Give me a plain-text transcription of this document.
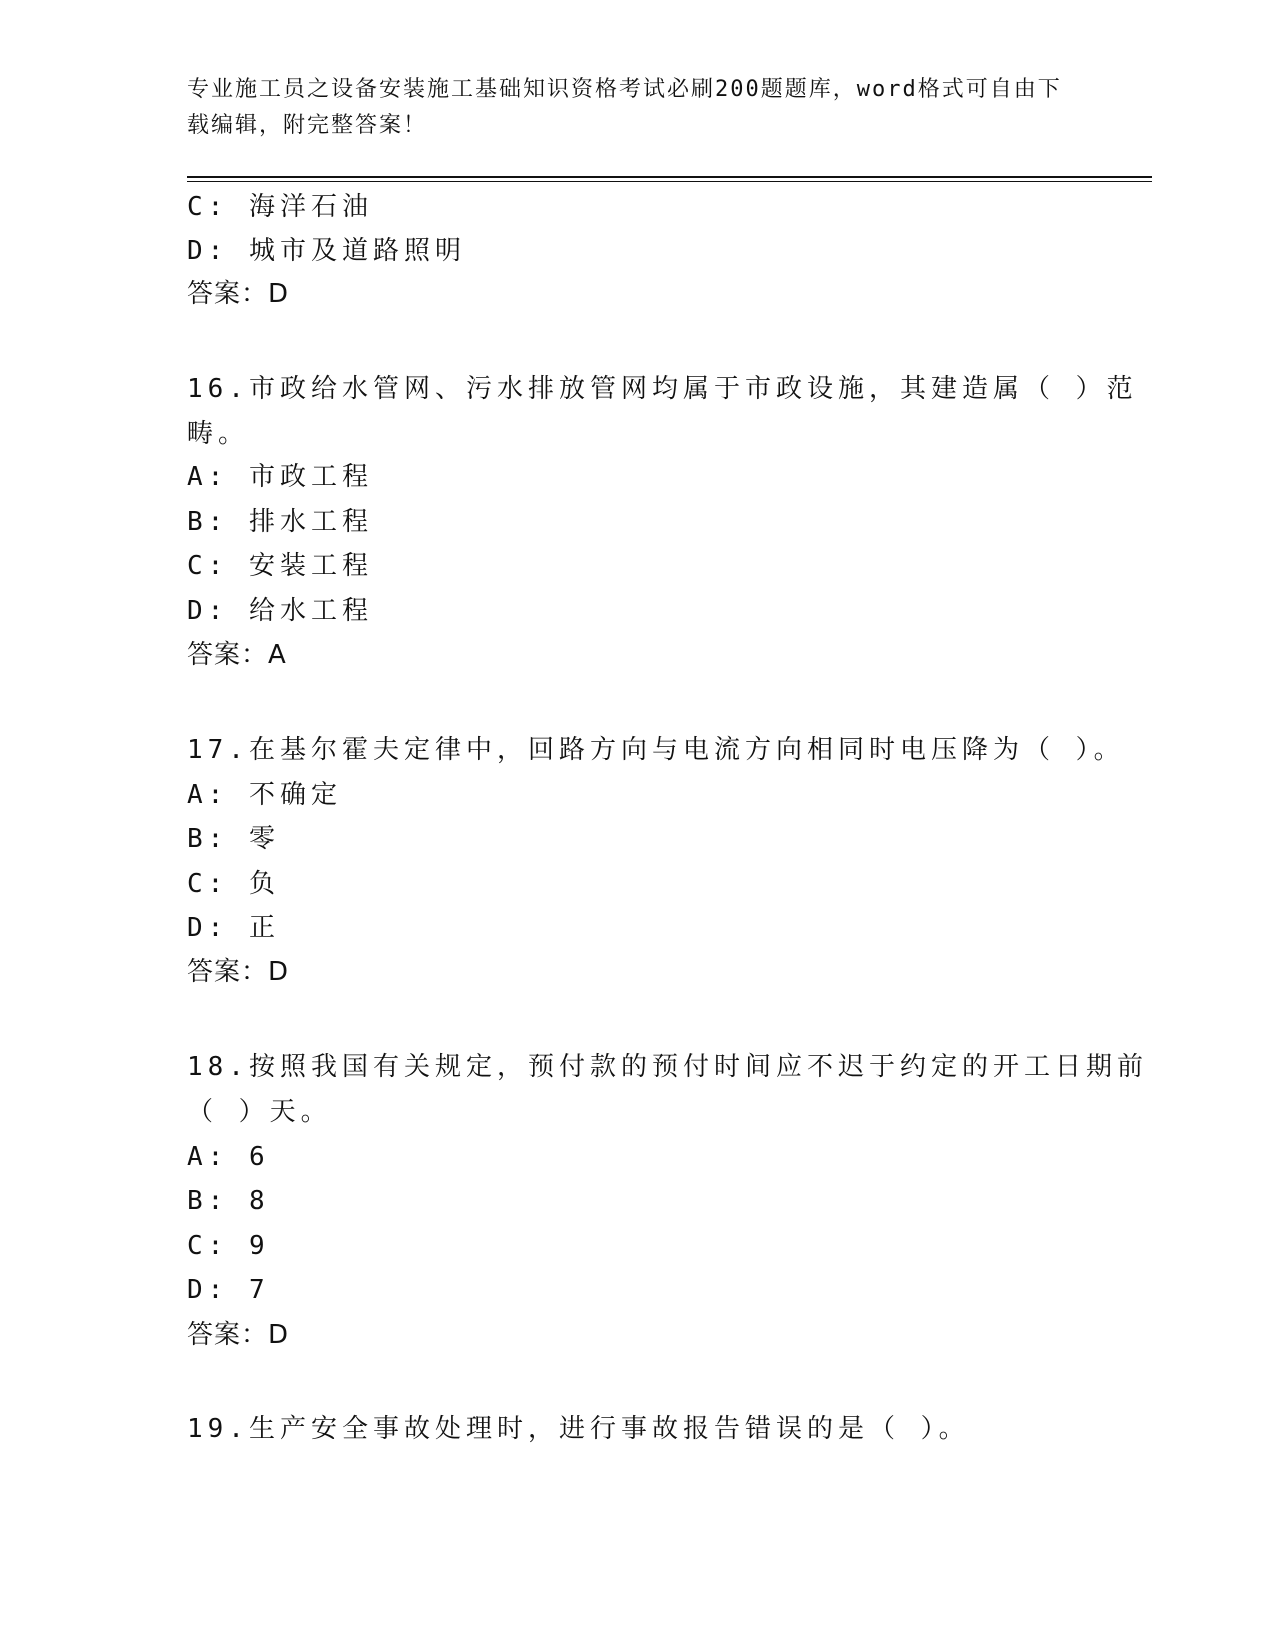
专业施工员之设备安装施工基础知识资格考试必刷200题题库，word格式可自由下载编辑，附完整答案！
C: 海洋石油
D: 城市及道路照明
答案：D
16.市政给水管网、污水排放管网均属于市政设施，其建造属（ ）范
畴。
A: 市政工程
B: 排水工程
C: 安装工程
D: 给水工程
答案：A
17.在基尔霍夫定律中，回路方向与电流方向相同时电压降为（ ）。
A: 不确定
B: 零
C: 负
D: 正
答案：D
18.按照我国有关规定，预付款的预付时间应不迟于约定的开工日期前
（ ）天。
A: 6
B: 8
C: 9
D: 7
答案：D
19.生产安全事故处理时，进行事故报告错误的是（ ）。
